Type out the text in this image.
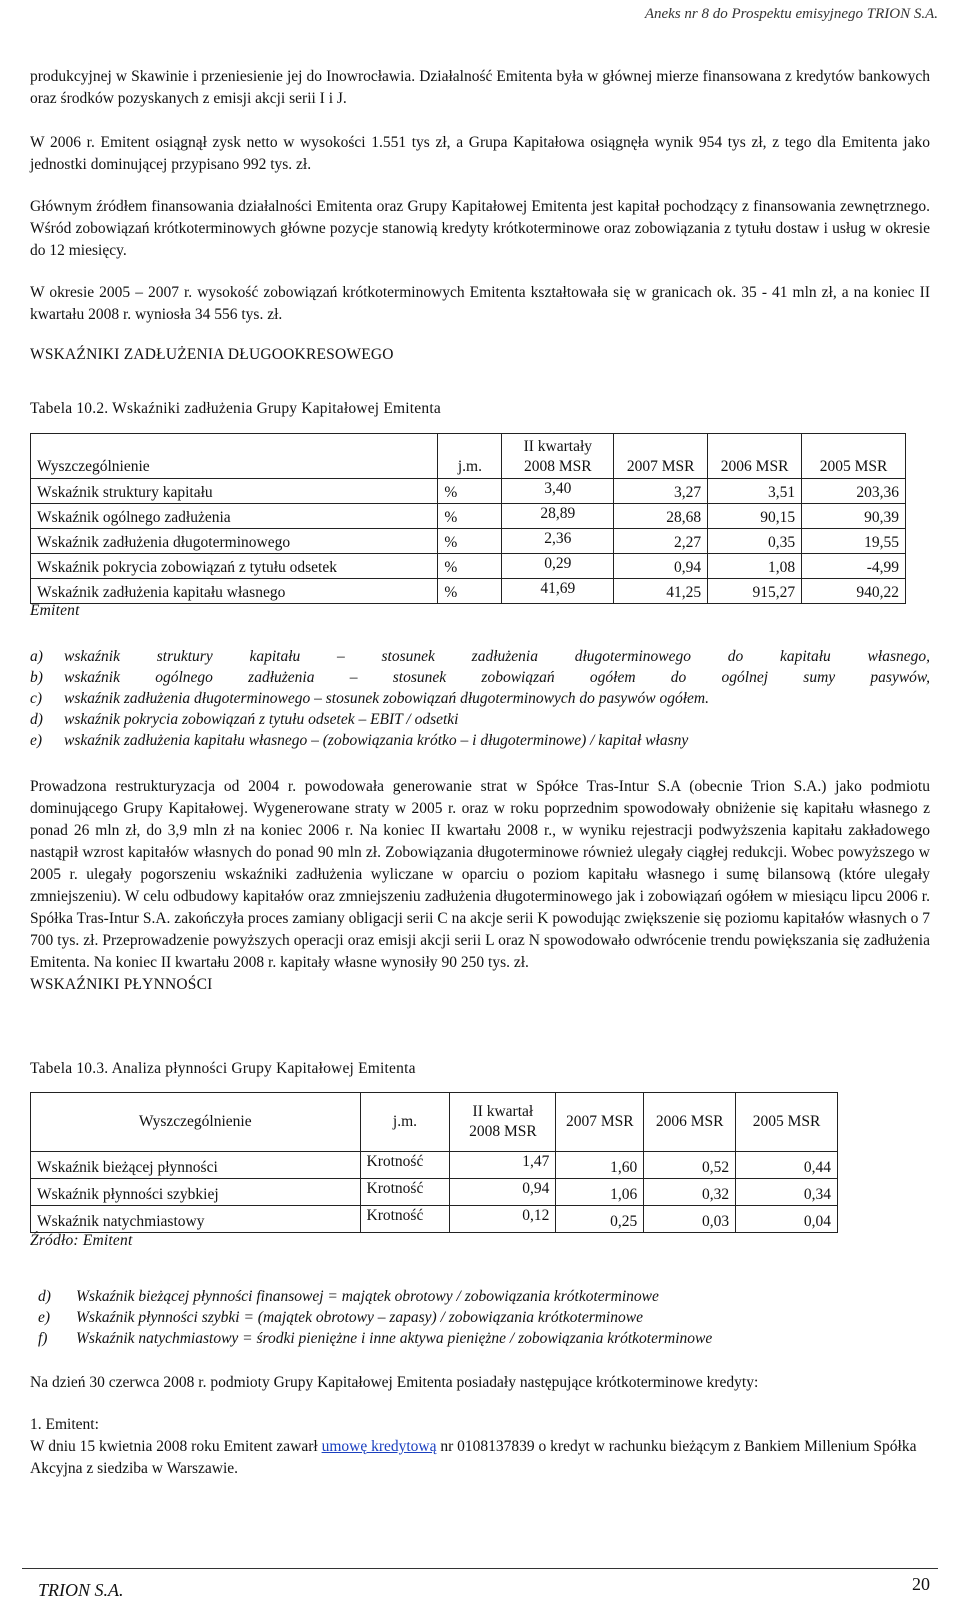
Aneks nr 8 do Prospektu emisyjnego TRION S.A.

produkcyjnej w Skawinie i przeniesienie jej do Inowrocławia. Działalność Emitenta była w głównej mierze finansowana z kredytów bankowych oraz środków pozyskanych z emisji akcji serii I i J.

W 2006 r. Emitent osiągnął zysk netto w wysokości 1.551 tys zł, a Grupa Kapitałowa osiągnęła wynik 954 tys zł, z tego dla Emitenta jako jednostki dominującej przypisano 992 tys. zł.

Głównym źródłem finansowania działalności Emitenta oraz Grupy Kapitałowej Emitenta jest kapitał pochodzący z finansowania zewnętrznego. Wśród zobowiązań krótkoterminowych główne pozycje stanowią kredyty krótkoterminowe oraz zobowiązania z tytułu dostaw i usług w okresie do 12 miesięcy.

W okresie 2005 – 2007 r. wysokość zobowiązań krótkoterminowych Emitenta kształtowała się w granicach ok. 35 - 41 mln zł, a na koniec II kwartału 2008 r. wyniosła 34 556 tys. zł.

WSKAŹNIKI ZADŁUŻENIA DŁUGOOKRESOWEGO
Tabela 10.2. Wskaźniki zadłużenia Grupy Kapitałowej Emitenta
Wyszczególnienie	j.m.	II kwartały 2008 MSR	2007 MSR	2006 MSR	2005 MSR
Wskaźnik struktury kapitału	%	3,40	3,27	3,51	203,36
Wskaźnik ogólnego zadłużenia	%	28,89	28,68	90,15	90,39
Wskaźnik zadłużenia długoterminowego	%	2,36	2,27	0,35	19,55
Wskaźnik pokrycia zobowiązań z tytułu odsetek	%	0,29	0,94	1,08	-4,99
Wskaźnik zadłużenia kapitału własnego	%	41,69	41,25	915,27	940,22
a)	wskaźnik struktury kapitału – stosunek zadłużenia długoterminowego do kapitału własnego,
b)	wskaźnik ogólnego zadłużenia – stosunek zobowiązań ogółem do ogólnej sumy pasywów,
c)	wskaźnik zadłużenia długoterminowego – stosunek zobowiązań długoterminowych do pasywów ogółem.
d)	wskaźnik pokrycia zobowiązań z tytułu odsetek – EBIT / odsetki
e)	wskaźnik zadłużenia kapitału własnego – (zobowiązania krótko – i długoterminowe) / kapitał własny

Prowadzona restrukturyzacja od 2004 r. powodowała generowanie strat w Spółce Tras-Intur S.A (obecnie Trion S.A.) jako podmiotu dominującego Grupy Kapitałowej. Wygenerowane straty w 2005 r. oraz w roku poprzednim spowodowały obniżenie się kapitału własnego z ponad 26 mln zł, do 3,9 mln zł na koniec 2006 r. Na koniec II kwartału 2008 r., w wyniku rejestracji podwyższenia kapitału zakładowego nastąpił wzrost kapitałów własnych do ponad 90 mln zł. Zobowiązania długoterminowe również ulegały ciągłej redukcji. Wobec powyższego w 2005 r. ulegały pogorszeniu wskaźniki zadłużenia wyliczane w oparciu o poziom kapitału własnego i sumę bilansową (które ulegały zmniejszeniu). W celu odbudowy kapitałów oraz zmniejszeniu zadłużenia długoterminowego jak i zobowiązań ogółem w miesiącu lipcu 2006 r. Spółka Tras-Intur S.A. zakończyła proces zamiany obligacji serii C na akcje serii K powodując zwiększenie się poziomu kapitałów własnych o 7 700 tys. zł. Przeprowadzenie powyższych operacji oraz emisji akcji serii L oraz N spowodowało odwrócenie trendu powiększania się zadłużenia Emitenta. Na koniec II kwartału 2008 r. kapitały własne wynosiły 90 250 tys. zł.

WSKAŹNIKI PŁYNNOŚCI
Tabela 10.3. Analiza płynności Grupy Kapitałowej Emitenta
Wyszczególnienie	j.m.	II kwartał 2008 MSR	2007 MSR	2006 MSR	2005 MSR
Wskaźnik bieżącej płynności	Krotność	1,47	1,60	0,52	0,44
Wskaźnik płynności szybkiej	Krotność	0,94	1,06	0,32	0,34
Wskaźnik natychmiastowy	Krotność	0,12	0,25	0,03	0,04
d)	Wskaźnik bieżącej płynności finansowej = majątek obrotowy / zobowiązania krótkoterminowe
e)	Wskaźnik płynności szybki = (majątek obrotowy – zapasy) / zobowiązania krótkoterminowe
f)	Wskaźnik natychmiastowy = środki pieniężne i inne aktywa pieniężne / zobowiązania krótkoterminowe

Na dzień 30 czerwca 2008 r. podmioty Grupy Kapitałowej Emitenta posiadały następujące krótkoterminowe kredyty:

1. Emitent:

W dniu 15 kwietnia 2008 roku Emitent zawarł umowę kredytową nr 0108137839 o kredyt w rachunku bieżącym z Bankiem Millenium Spółka Akcyjna z siedziba w Warszawie.

TRION S.A.	20
Emitent
Źródło: Emitent
